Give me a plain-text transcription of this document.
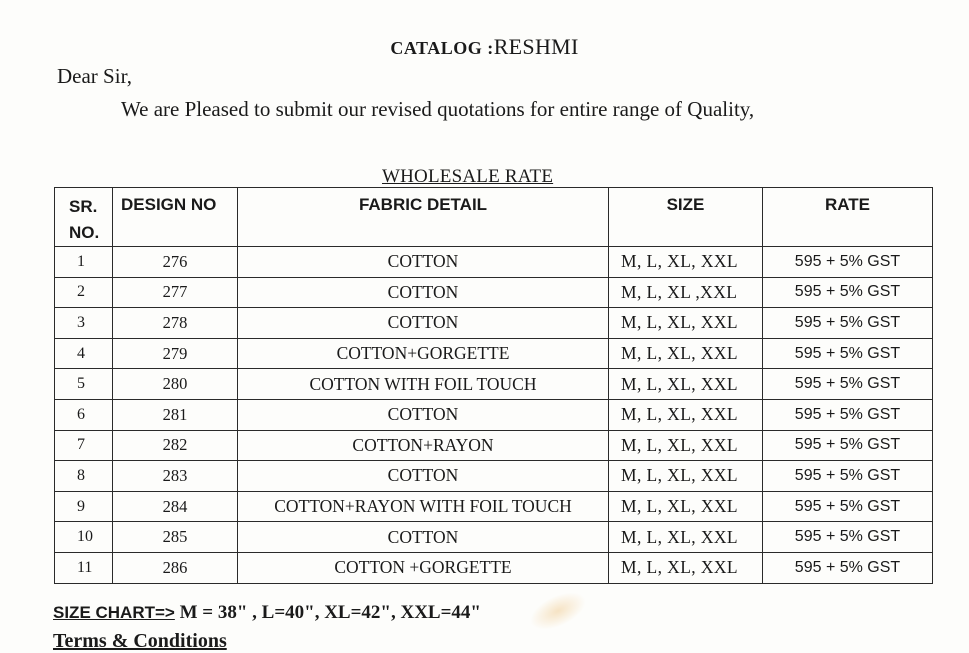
CATALOG :RESHMI
Dear Sir,
We are Pleased to submit our revised quotations for entire range of Quality,
WHOLESALE RATE
SR.
NO.	DESIGN NO	FABRIC DETAIL	SIZE	RATE
1	276	COTTON	M, L, XL, XXL	595 + 5% GST
2	277	COTTON	M, L, XL ,XXL	595 + 5% GST
3	278	COTTON	M, L, XL, XXL	595 + 5% GST
4	279	COTTON+GORGETTE	M, L, XL, XXL	595 + 5% GST
5	280	COTTON WITH FOIL TOUCH	M, L, XL, XXL	595 + 5% GST
6	281	COTTON	M, L, XL, XXL	595 + 5% GST
7	282	COTTON+RAYON	M, L, XL, XXL	595 + 5% GST
8	283	COTTON	M, L, XL, XXL	595 + 5% GST
9	284	COTTON+RAYON WITH FOIL TOUCH	M, L, XL, XXL	595 + 5% GST
10	285	COTTON	M, L, XL, XXL	595 + 5% GST
11	286	COTTON +GORGETTE	M, L, XL, XXL	595 + 5% GST
SIZE CHART=> M = 38" , L=40", XL=42", XXL=44"
Terms & Conditions
